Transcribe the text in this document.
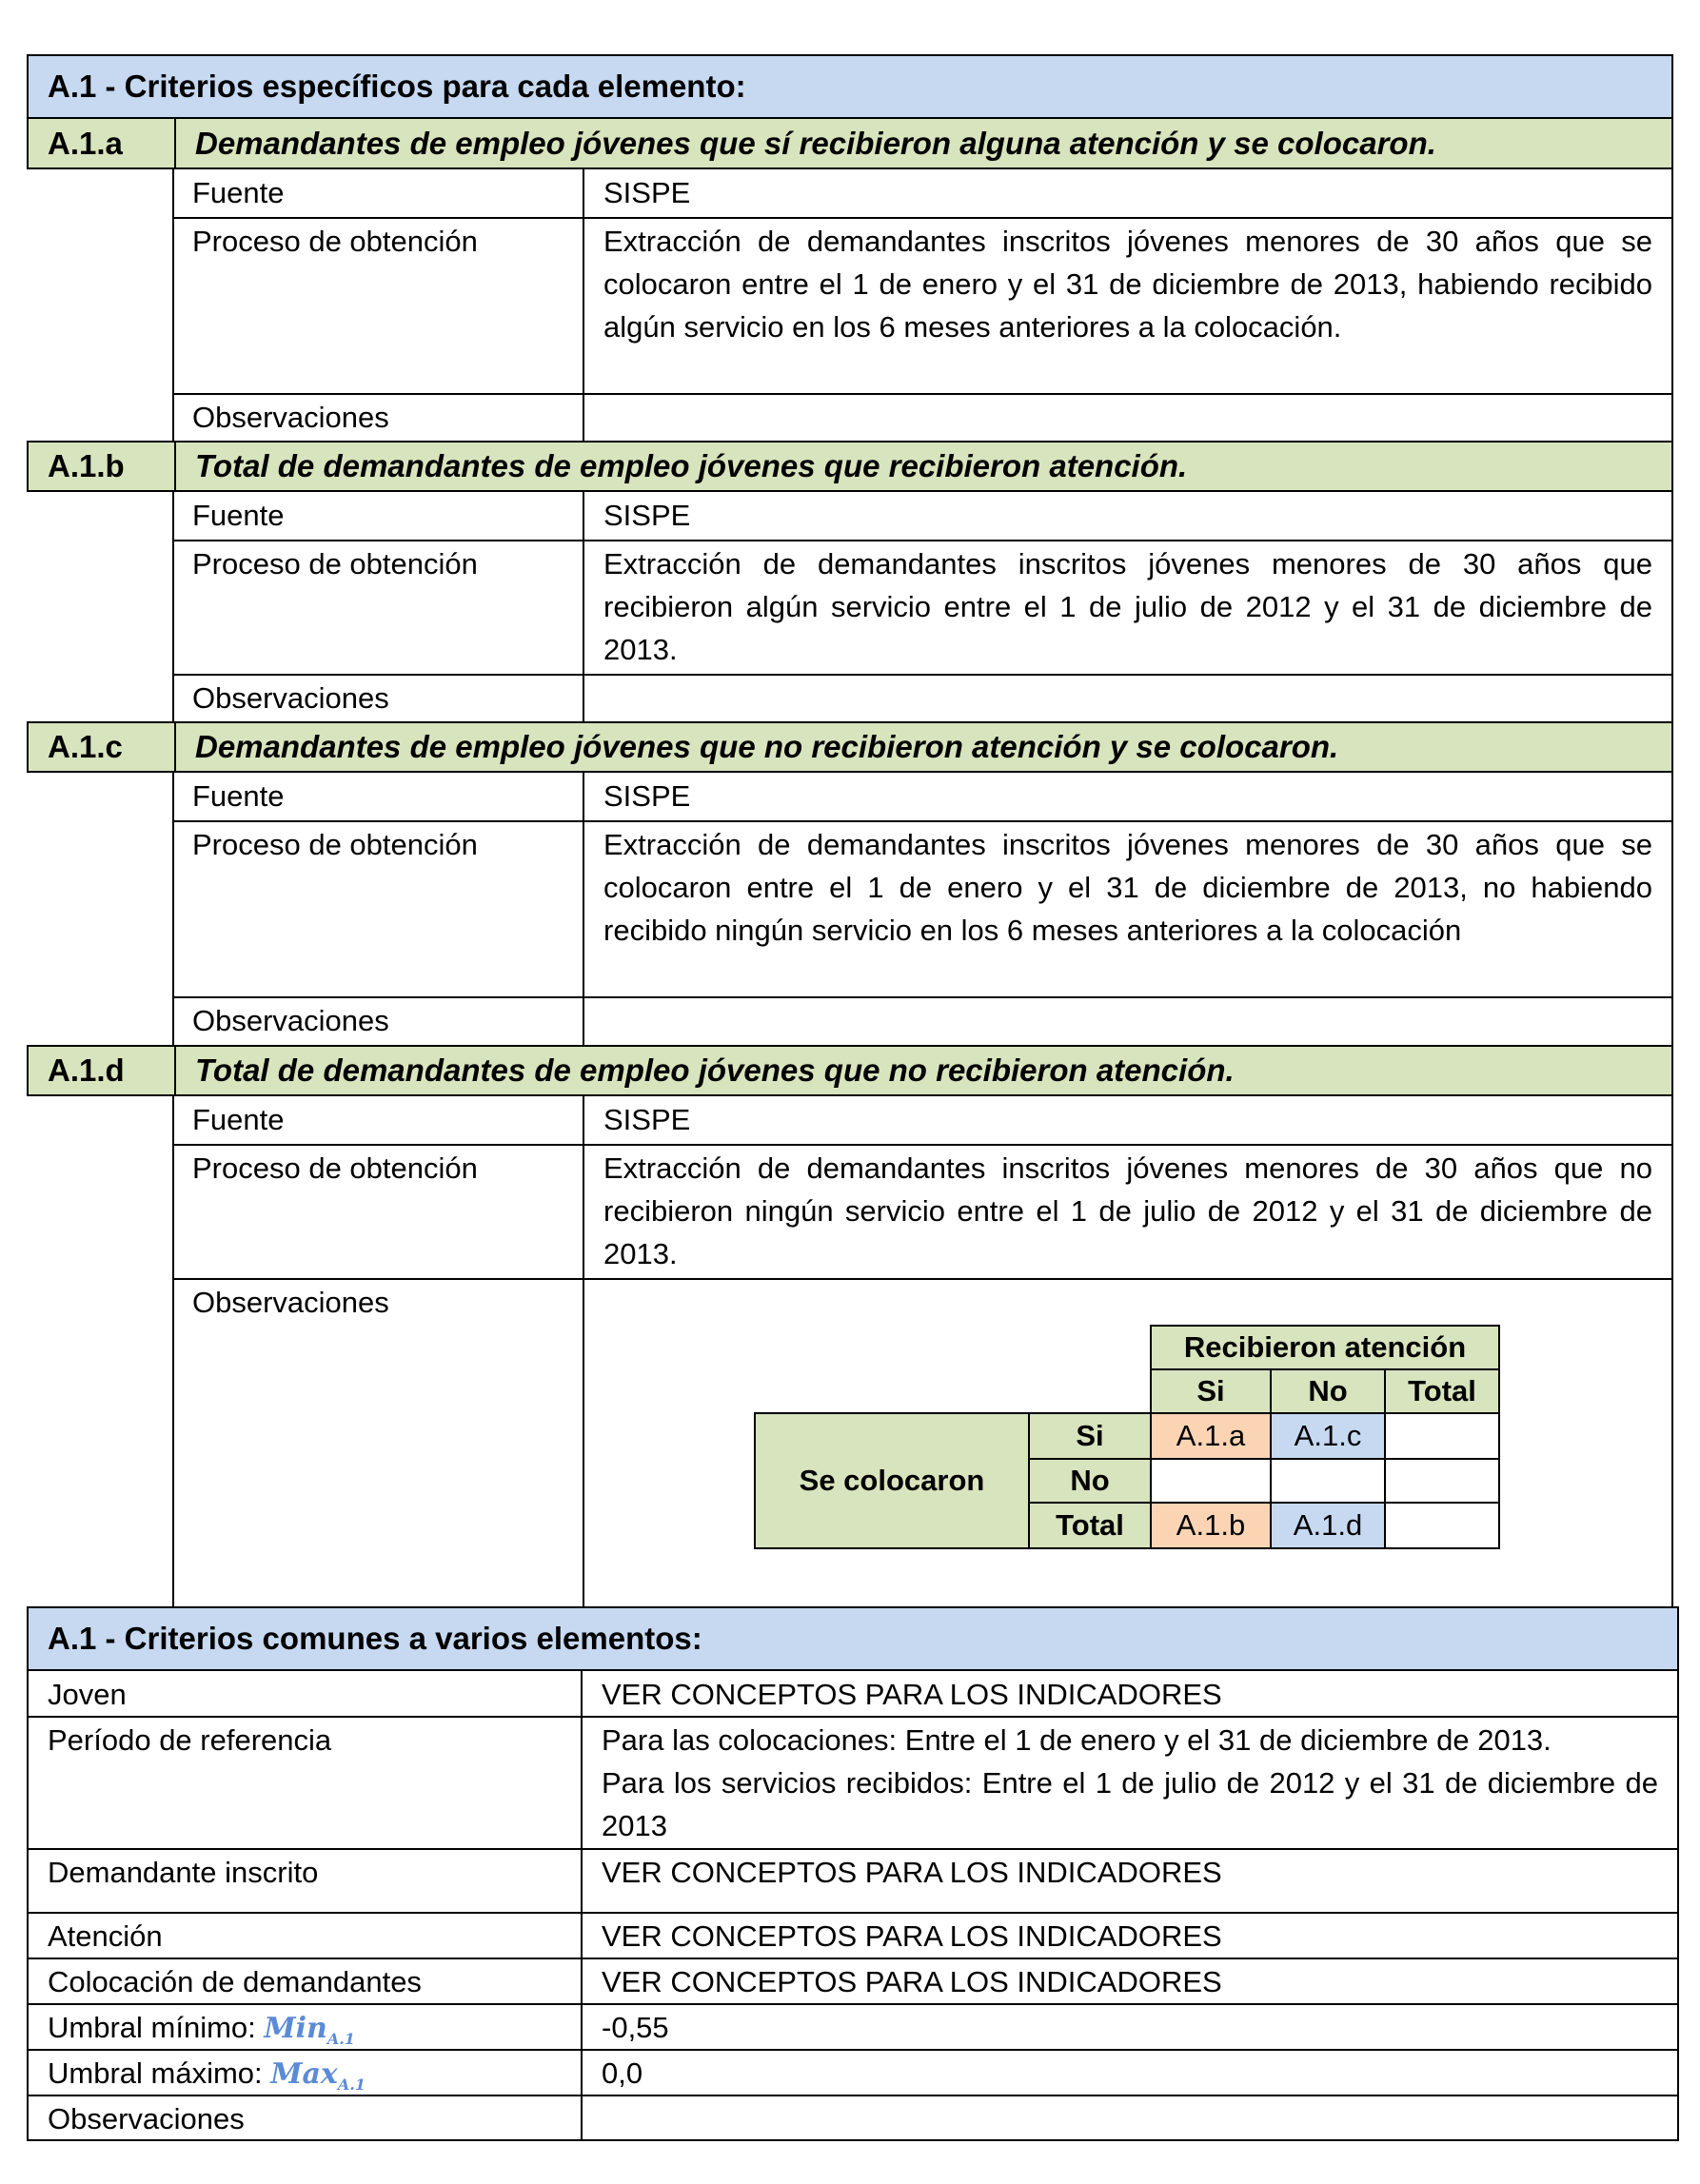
A.1 - Criterios específicos para cada elemento:
A.1.a	Demandantes de empleo jóvenes que sí recibieron alguna atención y se colocaron.
Fuente	SISPE
Proceso de obtención	Extracción de demandantes inscritos jóvenes menores de 30 años que se colocaron entre el 1 de enero y el 31 de diciembre de 2013, habiendo recibido algún servicio en los 6 meses anteriores a la colocación.
Observaciones
A.1.b	Total de demandantes de empleo jóvenes que recibieron atención.
Fuente	SISPE
Proceso de obtención	Extracción de demandantes inscritos jóvenes menores de 30 años que recibieron algún servicio entre el 1 de julio de 2012 y el 31 de diciembre de 2013.
Observaciones
A.1.c	Demandantes de empleo jóvenes que no recibieron atención y se colocaron.
Fuente	SISPE
Proceso de obtención	Extracción de demandantes inscritos jóvenes menores de 30 años que se colocaron entre el 1 de enero y el 31 de diciembre de 2013, no habiendo recibido ningún servicio en los 6 meses anteriores a la colocación
Observaciones
A.1.d	Total de demandantes de empleo jóvenes que no recibieron atención.
Fuente	SISPE
Proceso de obtención	Extracción de demandantes inscritos jóvenes menores de 30 años que no recibieron ningún servicio entre el 1 de julio de 2012 y el 31 de diciembre de 2013.
Observaciones
Recibieron atención
Si	No	Total
Se colocaron
Si	A.1.a	A.1.c
No
Total	A.1.b	A.1.d
A.1 - Criterios comunes a varios elementos:
Joven	VER CONCEPTOS PARA LOS INDICADORES
Período de referencia	Para las colocaciones: Entre el 1 de enero y el 31 de diciembre de 2013.
Para los servicios recibidos: Entre el 1 de julio de 2012 y el 31 de diciembre de 2013
Demandante inscrito	VER CONCEPTOS PARA LOS INDICADORES
Atención	VER CONCEPTOS PARA LOS INDICADORES
Colocación de demandantes	VER CONCEPTOS PARA LOS INDICADORES
Umbral mínimo: Min$_{A.1}$	-0,55
Umbral máximo: Max$_{A.1}$	0,0
Observaciones
